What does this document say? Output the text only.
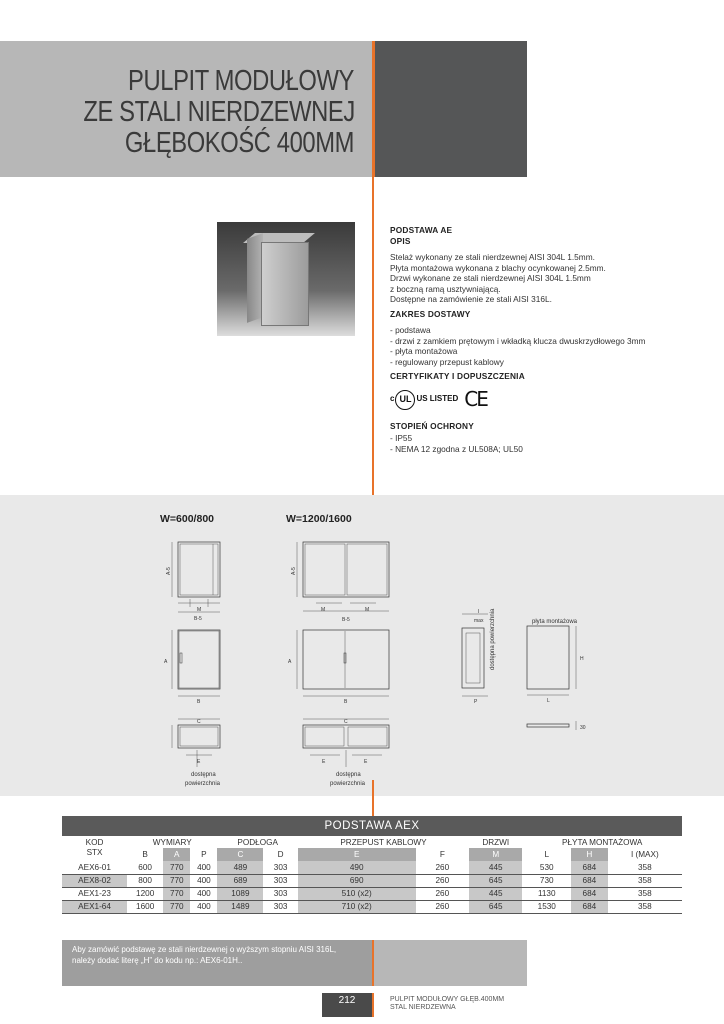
PULPIT MODUŁOWY
ZE STALI NIERDZEWNEJ
GŁĘBOKOŚĆ 400MM
PODSTAWA AE
OPIS
Stelaż wykonany ze stali nierdzewnej AISI 304L 1.5mm.
Płyta montażowa wykonana z blachy ocynkowanej 2.5mm.
Drzwi wykonane ze stali nierdzewnej AISI 304L 1.5mm
z boczną ramą usztywniającą.
Dostępne na zamówienie ze stali AISI 316L.
ZAKRES DOSTAWY
- podstawa
- drzwi z zamkiem prętowym i wkładką klucza dwuskrzydłowego 3mm
- płyta montażowa
- regulowany przepust kablowy
CERTYFIKATY I DOPUSZCZENIA
c UL US LISTED CE
STOPIEŃ OCHRONY
- IP55
- NEMA 12 zgodna z UL508A; UL50
M
B-5
B
C
E
A
M	M
B-5
B
C
E	E
A
I
max
P
H
L
30
płyta montażowa
dostępna
powierzchnia
dostępna
powierzchnia
W=600/800	W=1200/1600
A-5	A-5
dostępna powierzchnia
PODSTAWA AEX
KOD	WYMIARY			PODŁOGA		PRZEPUST KABLOWY		DRZWI	PŁYTA MONTAŻOWA		
STX	B	A	P	C	D	E	F	M	L	H	I (MAX)
AEX6-01	600	770	400	489	303	490	260	445	530	684	358
AEX8-02	800	770	400	689	303	690	260	645	730	684	358
AEX1-23	1200	770	400	1089	303	510 (x2)	260	445	1130	684	358
AEX1-64	1600	770	400	1489	303	710 (x2)	260	645	1530	684	358
Aby zamówić podstawę ze stali nierdzewnej o wyższym stopniu AISI 316L,
należy dodać literę „H” do kodu np.: AEX6-01H..
212	PULPIT MODUŁOWY GŁĘB.400MM
STAL NIERDZEWNA
